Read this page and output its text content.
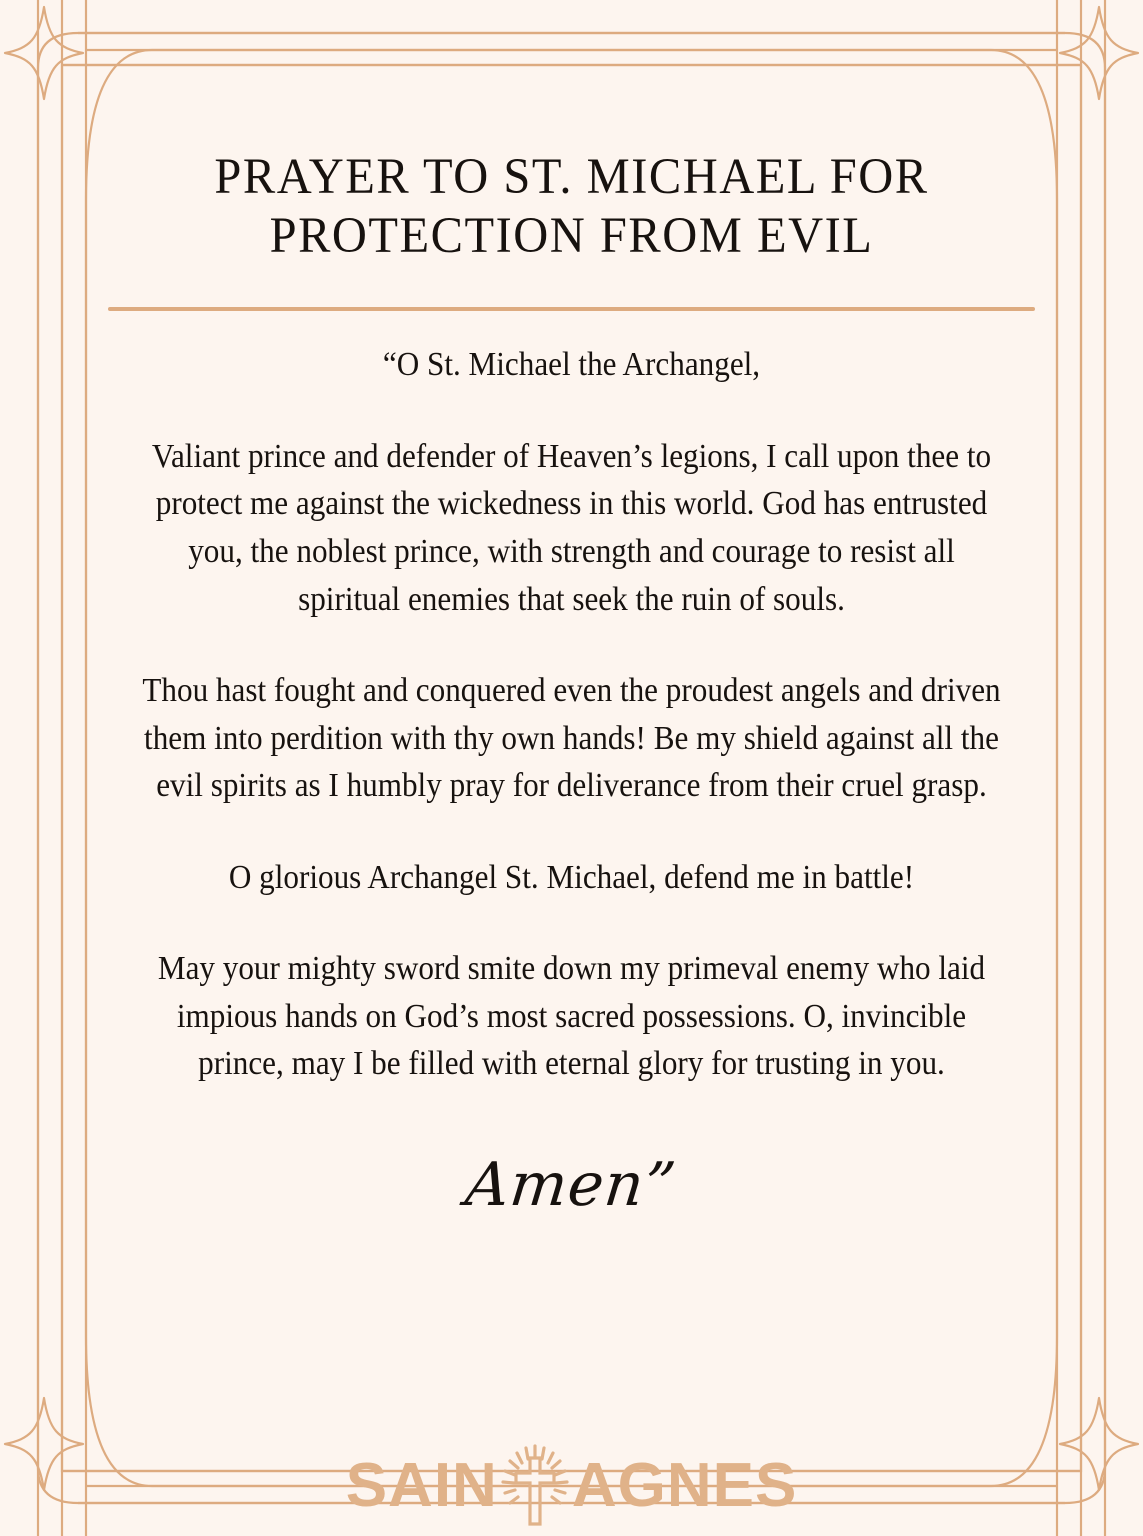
PRAYER TO ST. MICHAEL FOR PROTECTION FROM EVIL

“O St. Michael the Archangel,

Valiant prince and defender of Heaven’s legions, I call upon thee to protect me against the wickedness in this world. God has entrusted you, the noblest prince, with strength and courage to resist all spiritual enemies that seek the ruin of souls.

Thou hast fought and conquered even the proudest angels and driven them into perdition with thy own hands! Be my shield against all the evil spirits as I humbly pray for deliverance from their cruel grasp.

O glorious Archangel St. Michael, defend me in battle!

May your mighty sword smite down my primeval enemy who laid impious hands on God’s most sacred possessions. O, invincible prince, may I be filled with eternal glory for trusting in you.

Amen”
SAIN AGNES
